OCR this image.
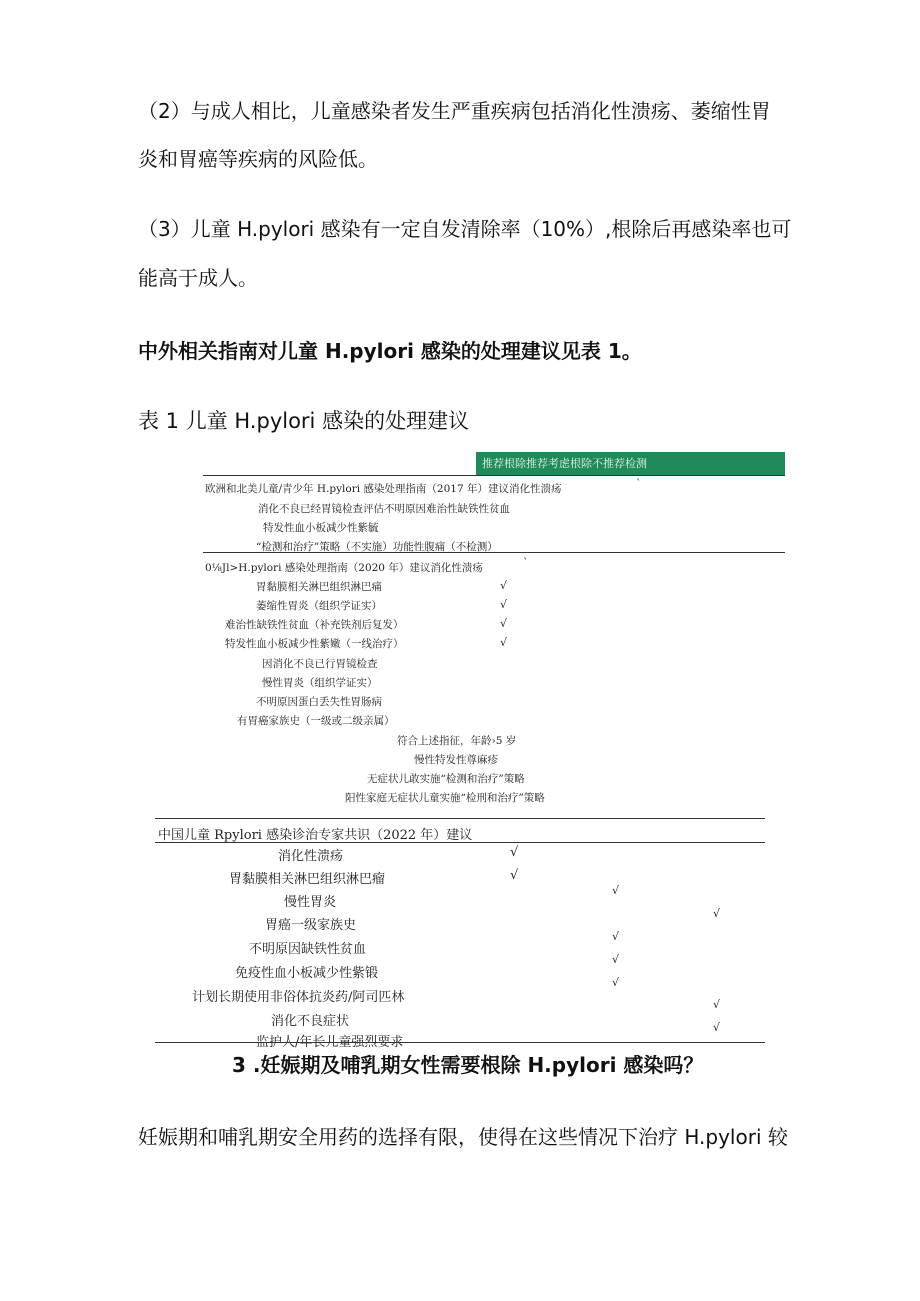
（2）与成人相比，儿童感染者发生严重疾病包括消化性溃疡、萎缩性胃

炎和胃癌等疾病的风险低。

（3）儿童 H.pylori 感染有一定自发清除率（10%）,根除后再感染率也可

能高于成人。

中外相关指南对儿童 H.pylori 感染的处理建议见表 1。

表 1 儿童 H.pylori 感染的处理建议

推荐根除推荐考虑根除不推荐检测
欧洲和北美儿童/青少年 H.pylori 感染处理指南（2017 年）建议消化性溃疡	`
消化不良已经胃镜检查评估不明原因难治性缺铁性贫血
特发性血小板减少性紫毓
“检测和治疗”策略（不实施）功能性腹痛（不检测）
0⅛Jl>H.pylori 感染处理指南（2020 年）建议消化性溃疡	`
胃黏膜相关淋巴组织淋巴痛
萎缩性胃炎（组织学证实）
难治性缺铁性贫血（补充铁剂后复发）
特发性血小板减少性紫嫩（一线治疗）
因消化不良已行胃镜检查
慢性胃炎（组织学证实）
不明原因蛋白丢失性胃肠病
有胃癌家族史（一级或二级亲属）
符合上述指征，年龄›5 岁
慢性特发性尊麻疹
无症状儿敢实施“检测和治疗”策略
阳性家庭无症状儿童实施“检刑和治疗”策略
√
√
√
√
中国儿童 Rpylori 感染诊治专家共识（2022 年）建议
消化性溃疡
胃黏膜相关淋巴组织淋巴瘤
慢性胃炎
胃癌一级家族史
不明原因缺铁性贫血
免疫性血小板减少性紫锻
计划长期使用非俗体抗炎药/阿司匹林
消化不良症状
监护人/年长儿童强烈要求
√
√
√
√
√
√
√
√
√

3 .妊娠期及哺乳期女性需要根除 H.pylori 感染吗？

妊娠期和哺乳期安全用药的选择有限，使得在这些情况下治疗 H.pylori 较
